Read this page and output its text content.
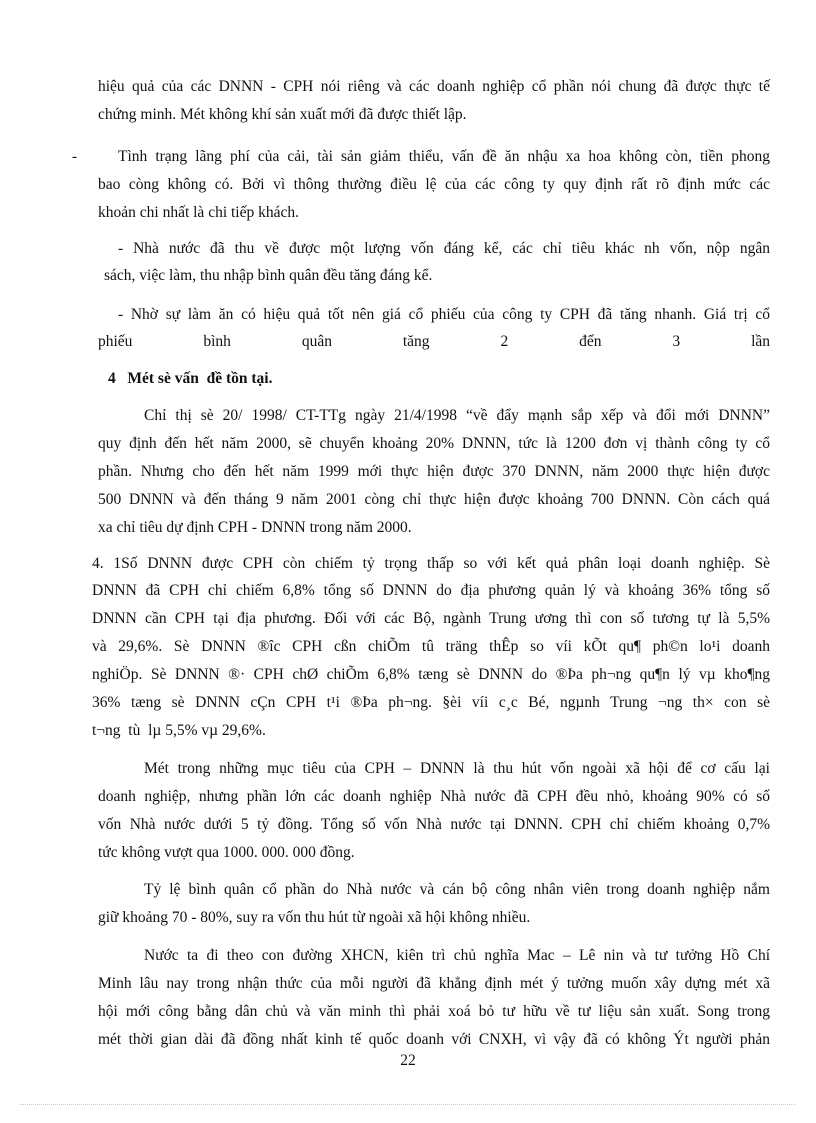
hiệu quả của các DNNN - CPH nói riêng và các doanh nghiệp cổ phần nói chung đã được thực tế
chứng minh. Mét không khí sản xuất mới đã được thiết lập.
-	Tình trạng lãng phí của cải, tài sản giảm thiểu, vấn đề ăn nhậu xa hoa không còn, tiền phong
bao còng không có. Bởi vì thông thường điều lệ của các công ty quy định rất rõ định mức các
khoản chi nhất là chi tiếp khách.
- Nhà nước đã thu về được một lượng vốn đáng kể, các chỉ tiêu khác nh vốn, nộp ngân
sách, việc làm, thu nhập bình quân đều tăng đáng kể.
- Nhờ sự làm ăn có hiệu quả tốt nên giá cổ phiếu của công ty CPH đã tăng nhanh. Giá trị cổ
phiếu	bình	quân	tăng	2	đến	3	lần
4   Mét sè vấn  đề tồn tại.
Chỉ thị sè 20/ 1998/ CT-TTg ngày 21/4/1998 “về đẩy mạnh sắp xếp và đổi mới DNNN”
quy định đến hết năm 2000, sẽ chuyển khoảng 20% DNNN, tức là 1200 đơn vị thành công ty cổ
phần. Nhưng cho đến hết năm 1999 mới thực hiện được 370 DNNN, năm 2000 thực hiện được
500 DNNN và đến tháng 9 năm 2001 còng chỉ thực hiện được khoảng 700 DNNN. Còn cách quá
xa chỉ tiêu dự định CPH - DNNN trong năm 2000.
4. 1Số DNNN được CPH còn chiếm tỷ trọng thấp so với kết quả phân loại doanh nghiệp. Sè
DNNN đã CPH chỉ chiếm 6,8% tổng số DNNN do địa phương quản lý và khoảng 36% tổng số
DNNN cần CPH tại địa phương. Đối với các Bộ, ngành Trung ương thì con số tương tự là 5,5%
và 29,6%. Sè DNNN ®îc CPH cßn chiÕm tû träng thÊp so víi kÕt qu¶ ph©n lo¹i doanh
nghiÖp. Sè DNNN ®· CPH chØ chiÕm 6,8% tæng sè DNNN do ®Þa ph¬ng qu¶n lý vµ kho¶ng
36% tæng sè DNNN cÇn CPH t¹i ®Þa ph¬ng. §èi víi c¸c Bé, ngµnh Trung ¬ng th× con sè
t¬ng  tù  lµ 5,5% vµ 29,6%.
Mét trong những mục tiêu của CPH – DNNN là thu hút vốn ngoài xã hội để cơ cấu lại
doanh nghiệp, nhưng phần lớn các doanh nghiệp Nhà nước đã CPH đều nhỏ, khoảng 90% có số
vốn Nhà nước dưới 5 tỷ đồng. Tổng số vốn Nhà nước tại DNNN. CPH chỉ chiếm khoảng 0,7%
tức không vượt qua 1000. 000. 000 đồng.
Tỷ lệ bình quân cổ phần do Nhà nước và cán bộ công nhân viên trong doanh nghiệp nắm
giữ khoảng 70 - 80%, suy ra vốn thu hút từ ngoài xã hội không nhiều.
Nước ta đi theo con đường XHCN, kiên trì chủ nghĩa Mac – Lê nin và tư tưởng Hồ Chí
Minh lâu nay trong nhận thức của mỗi người đã khẳng định mét ý tưởng muốn xây dựng mét xã
hội mới công bằng dân chủ và văn minh thì phải xoá bỏ tư hữu về tư liệu sản xuất. Song trong
mét thời gian dài đã đồng nhất kinh tế quốc doanh với CNXH, vì vậy đã có không Ýt người phản
22
